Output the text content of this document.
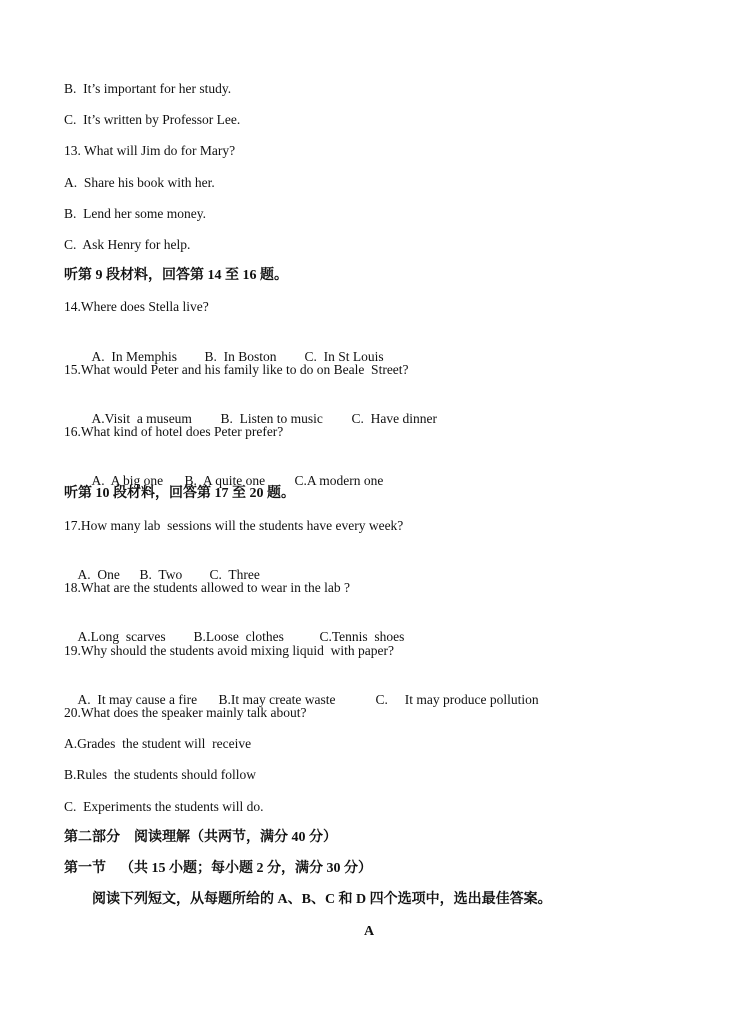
B.  It’s important for her study.
C.  It’s written by Professor Lee.
13. What will Jim do for Mary?
A.  Share his book with her.
B.  Lend her some money.
C.  Ask Henry for help.
听第 9 段材料，回答第 14 至 16 题。
14.Where does Stella live?

A.  In Memphis B.  In Boston C.  In St Louis

15.What would Peter and his family like to do on Beale  Street?

A.Visit  a museum B.  Listen to music C.  Have dinner

16.What kind of hotel does Peter prefer?

A.  A big one B.  A quite one C.A modern one

听第 10 段材料，回答第 17 至 20 题。
17.How many lab  sessions will the students have every week?

A.  One B.  Two C.  Three

18.What are the students allowed to wear in the lab ?

A.Long  scarves B.Loose  clothes	C.Tennis  shoes

19.Why should the students avoid mixing liquid  with paper?

A.  It may cause a fire B.It may create waste	C.     It may produce pollution

20.What does the speaker mainly talk about?
A.Grades  the student will  receive
B.Rules  the students should follow
C.  Experiments the students will do.
第二部分    阅读理解（共两节，满分 40 分）
第一节    （共 15 小题；每小题 2 分，满分 30 分）
阅读下列短文，从每题所给的 A、B、C 和 D 四个选项中，选出最佳答案。
A
